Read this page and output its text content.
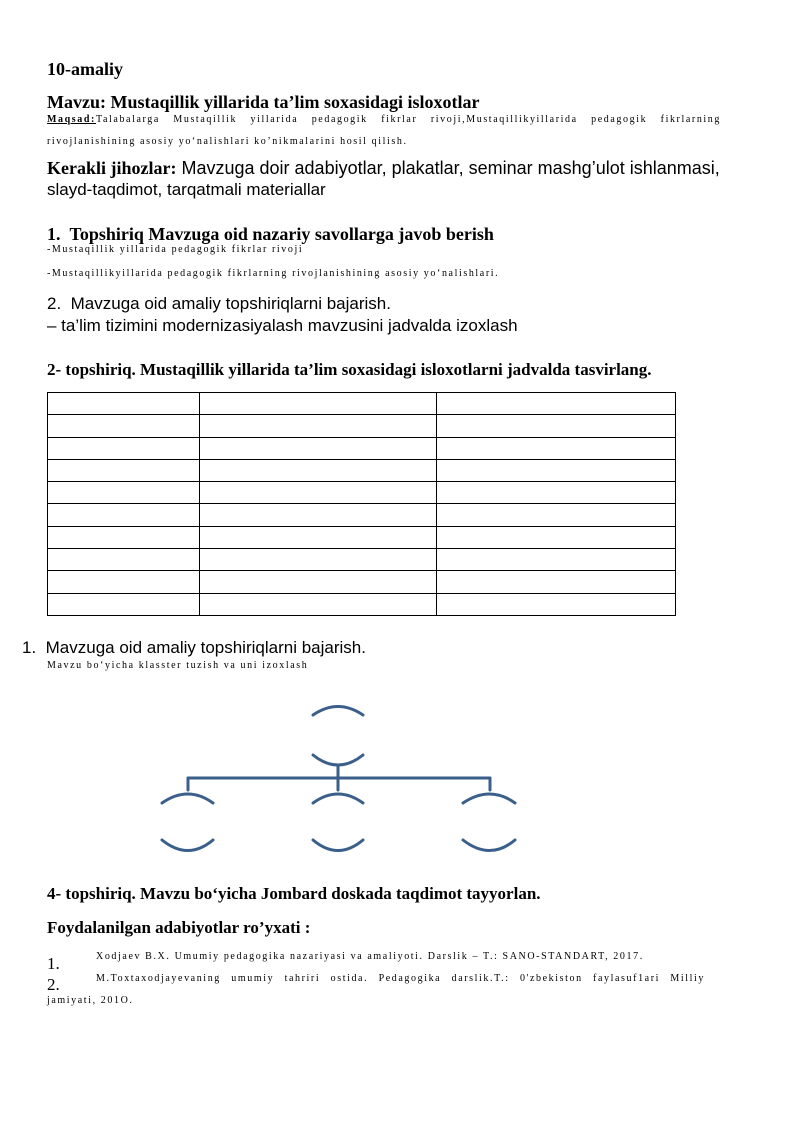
10-amaliy
Mavzu: Mustaqillik yillarida ta’lim soxasidagi isloxotlar
Maqsad:Talabalarga Mustaqillik yillarida pedagogik fikrlar rivoji,Mustaqillikyillarida pedagogik fikrlarning
rivojlanishining asosiy yo‘nalishlari ko’nikmalarini hosil qilish.
Kerakli jihozlar: Mavzuga doir adabiyotlar, plakatlar, seminar mashg’ulot ishlanmasi,
slayd-taqdimot, tarqatmali materiallar
1. Topshiriq Mavzuga oid nazariy savollarga javob berish
-Mustaqillik yillarida pedagogik fikrlar rivoji
-Mustaqillikyillarida pedagogik fikrlarning rivojlanishining asosiy yo‘nalishlari.
2. Mavzuga oid amaliy topshiriqlarni bajarish.
– ta’lim tizimini modernizasiyalash mavzusini jadvalda izoxlash
2- topshiriq. Mustaqillik yillarida ta’lim soxasidagi isloxotlarni jadvalda tasvirlang.

1. Mavzuga oid amaliy topshiriqlarni bajarish.
Mavzu bo‘yicha klasster tuzish va uni izoxlash
4- topshiriq. Mavzu bo‘yicha Jombard doskada taqdimot tayyorlan.
Foydalanilgan adabiyotlar ro’yxati :
1.	Xodjaev B.X. Umumiy pedagogika nazariyasi va amaliyoti. Darslik – T.: SANO-STANDART, 2017.
2.	M.Toxtaxodjayevaning umumiy tahriri ostida. Pedagogika darslik.T.: 0'zbekiston faylasuf1ari Milliy
jamiyati, 201O.
